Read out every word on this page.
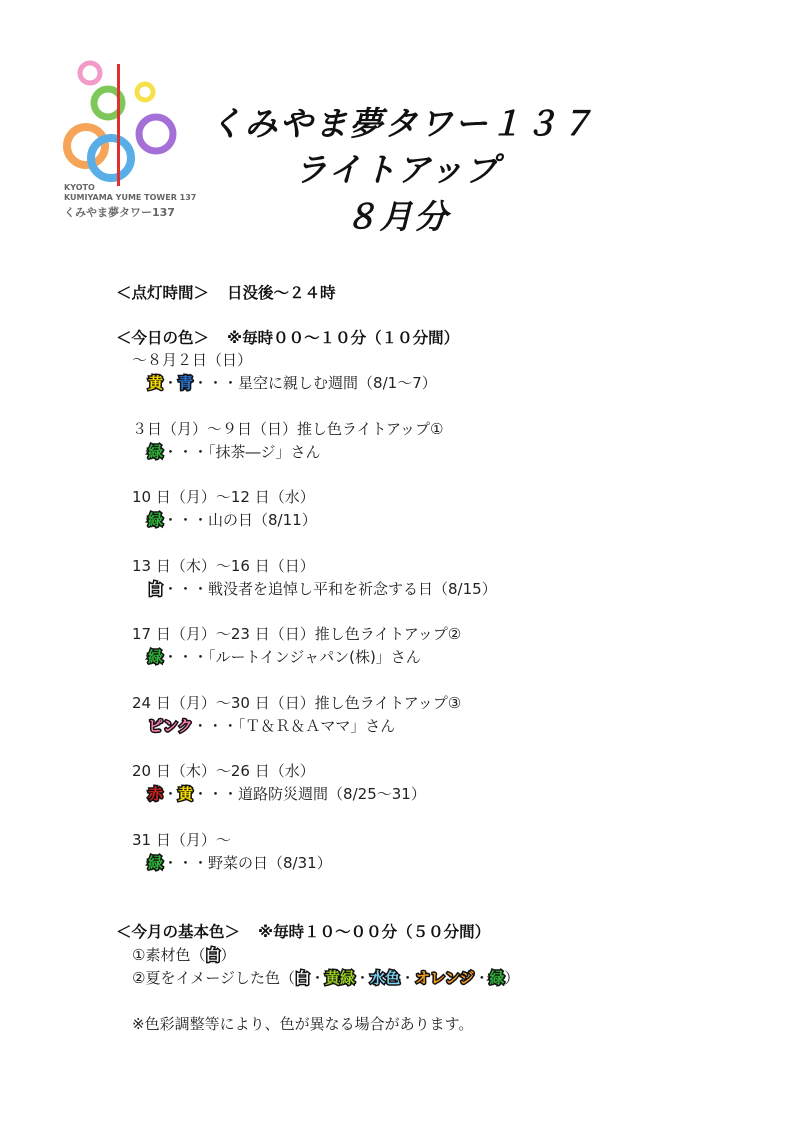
KYOTO
KUMIYAMA YUME TOWER 137
くみやま夢タワー137
くみやま夢タワー１３７
ライトアップ
８月分
＜点灯時間＞ 日没後～２４時
＜今日の色＞ ※毎時００～１０分（１０分間）
～８月２日（日）
黄・青・・・星空に親しむ週間（8/1～7）
３日（月）～９日（日）推し色ライトアップ①
緑・・・「抹茶―ジ」さん
10 日（月）～12 日（水）
緑・・・山の日（8/11）
13 日（木）～16 日（日）
白・・・戦没者を追悼し平和を祈念する日（8/15）
17 日（月）～23 日（日）推し色ライトアップ②
緑・・・「ルートインジャパン(株)」さん
24 日（月）～30 日（日）推し色ライトアップ③
ピンク・・・「Ｔ＆Ｒ＆Ａママ」さん
20 日（木）～26 日（水）
赤・黄・・・道路防災週間（8/25～31）
31 日（月）～
緑・・・野菜の日（8/31）
＜今月の基本色＞ ※毎時１０～００分（５０分間）
①素材色（白）
②夏をイメージした色（白・黄緑・水色・オレンジ・緑）
※色彩調整等により、色が異なる場合があります。
